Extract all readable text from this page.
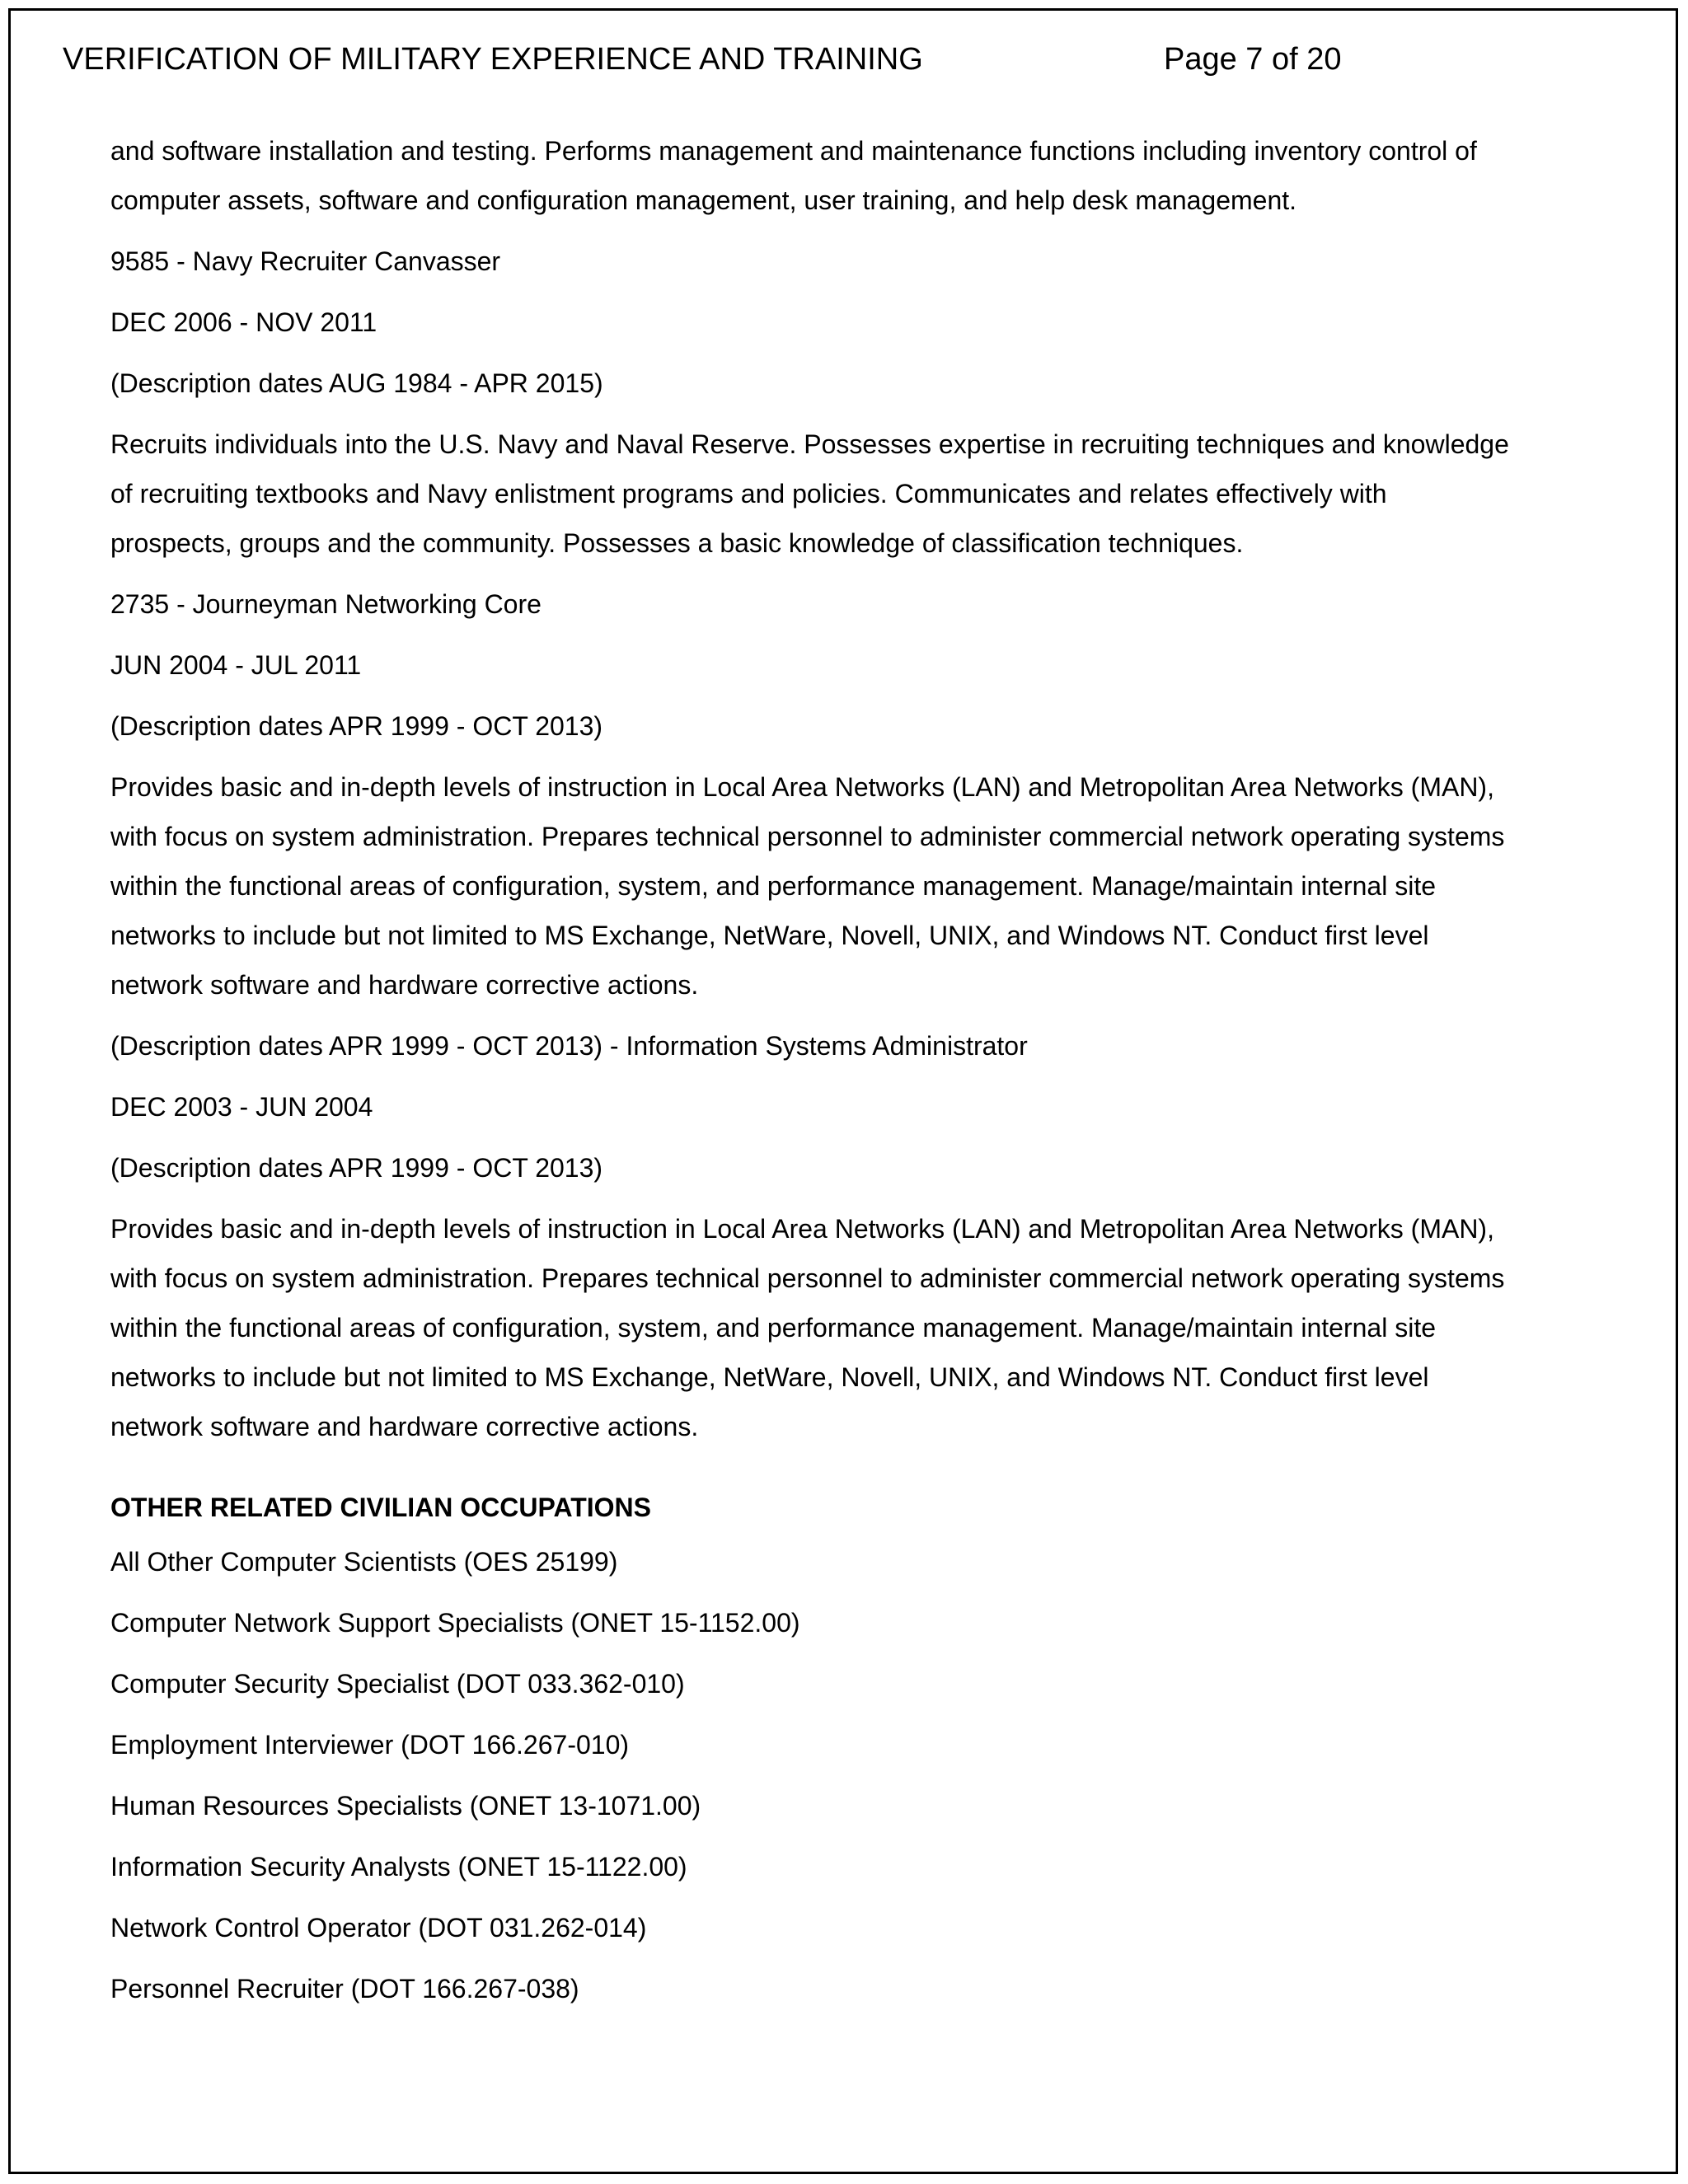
VERIFICATION OF MILITARY EXPERIENCE AND TRAINING	Page 7 of 20
and software installation and testing. Performs management and maintenance functions including inventory control of
computer assets, software and configuration management, user training, and help desk management.
9585 - Navy Recruiter Canvasser
DEC 2006 - NOV 2011
(Description dates AUG 1984 - APR 2015)
Recruits individuals into the U.S. Navy and Naval Reserve. Possesses expertise in recruiting techniques and knowledge
of recruiting textbooks and Navy enlistment programs and policies. Communicates and relates effectively with
prospects, groups and the community. Possesses a basic knowledge of classification techniques.
2735 - Journeyman Networking Core
JUN 2004 - JUL 2011
(Description dates APR 1999 - OCT 2013)
Provides basic and in-depth levels of instruction in Local Area Networks (LAN) and Metropolitan Area Networks (MAN),
with focus on system administration. Prepares technical personnel to administer commercial network operating systems
within the functional areas of configuration, system, and performance management. Manage/maintain internal site
networks to include but not limited to MS Exchange, NetWare, Novell, UNIX, and Windows NT. Conduct first level
network software and hardware corrective actions.
(Description dates APR 1999 - OCT 2013) - Information Systems Administrator
DEC 2003 - JUN 2004
(Description dates APR 1999 - OCT 2013)
Provides basic and in-depth levels of instruction in Local Area Networks (LAN) and Metropolitan Area Networks (MAN),
with focus on system administration. Prepares technical personnel to administer commercial network operating systems
within the functional areas of configuration, system, and performance management. Manage/maintain internal site
networks to include but not limited to MS Exchange, NetWare, Novell, UNIX, and Windows NT. Conduct first level
network software and hardware corrective actions.
OTHER RELATED CIVILIAN OCCUPATIONS
All Other Computer Scientists (OES 25199)
Computer Network Support Specialists (ONET 15-1152.00)
Computer Security Specialist (DOT 033.362-010)
Employment Interviewer (DOT 166.267-010)
Human Resources Specialists (ONET 13-1071.00)
Information Security Analysts (ONET 15-1122.00)
Network Control Operator (DOT 031.262-014)
Personnel Recruiter (DOT 166.267-038)
